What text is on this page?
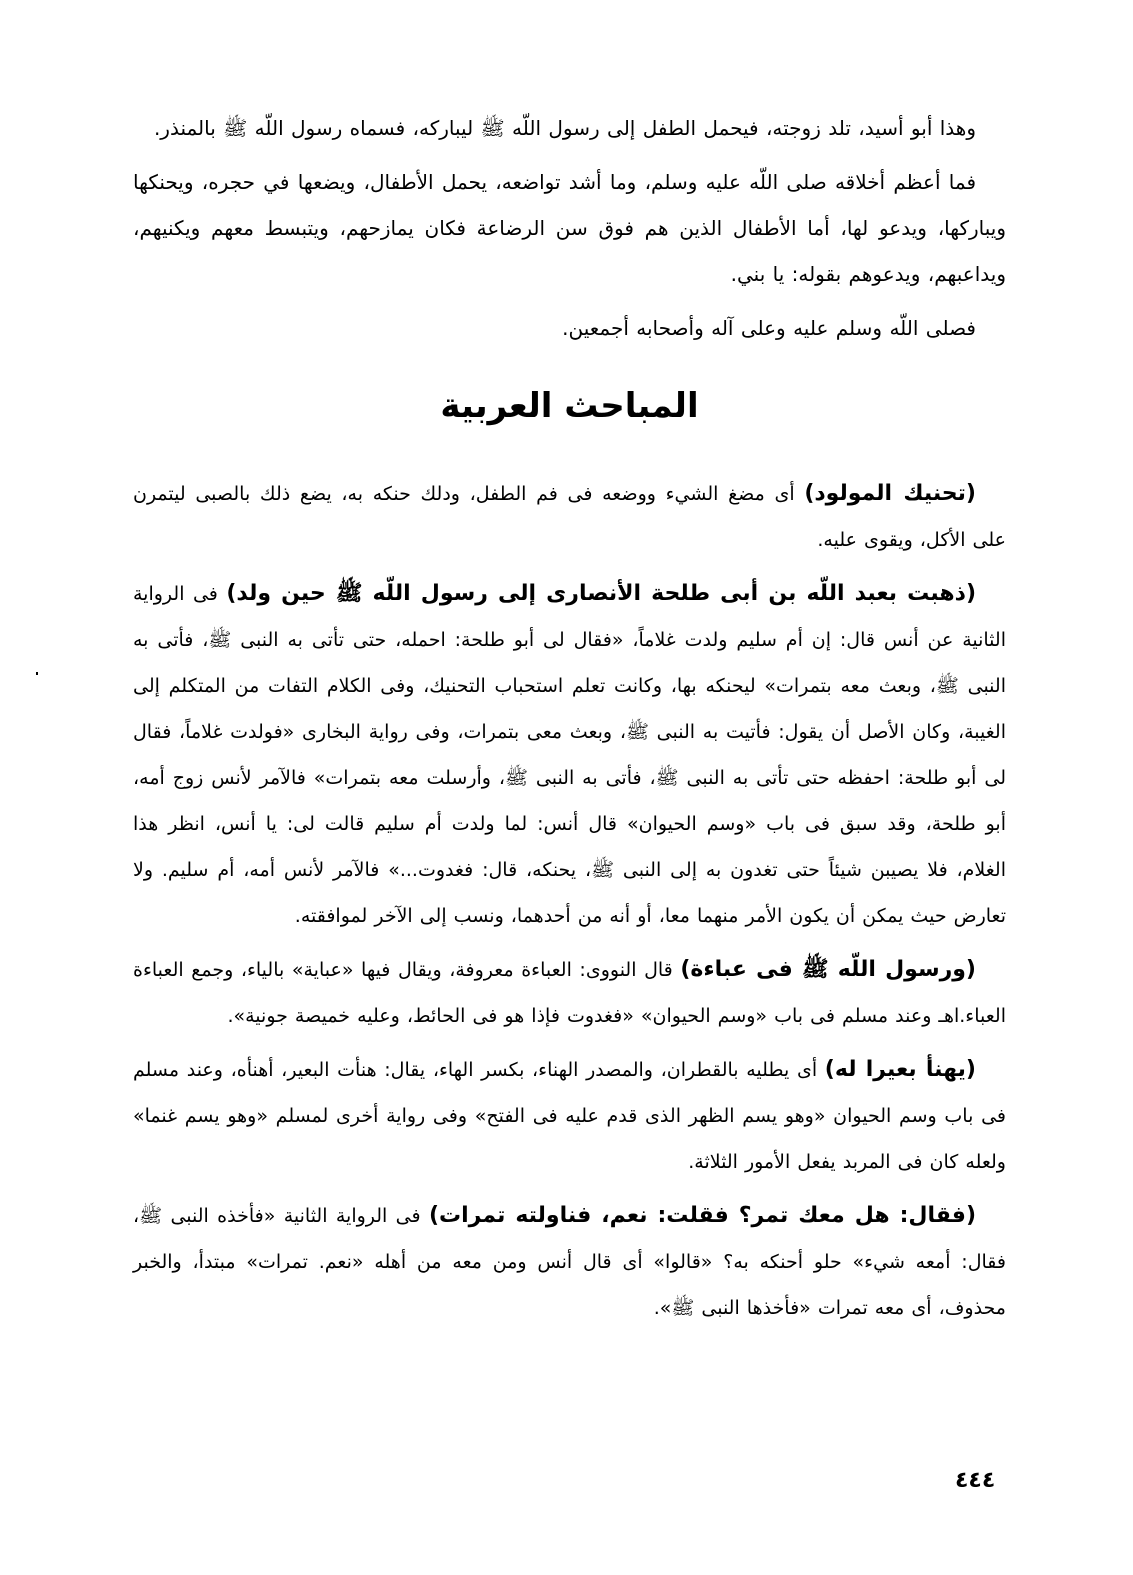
وهذا أبو أسيد، تلد زوجته، فيحمل الطفل إلى رسول اللّه ﷺ ليباركه، فسماه رسول اللّه ﷺ بالمنذر.

فما أعظم أخلاقه صلى اللّه عليه وسلم، وما أشد تواضعه، يحمل الأطفال، ويضعها في حجره، ويحنكها ويباركها، ويدعو لها، أما الأطفال الذين هم فوق سن الرضاعة فكان يمازحهم، ويتبسط معهم ويكنيهم، ويداعبهم، ويدعوهم بقوله: يا بني.

فصلى اللّه وسلم عليه وعلى آله وأصحابه أجمعين.

المباحث العربية

(تحنيك المولود) أى مضغ الشيء ووضعه فى فم الطفل، ودلك حنكه به، يضع ذلك بالصبى ليتمرن على الأكل، ويقوى عليه.

(ذهبت بعبد اللّه بن أبى طلحة الأنصارى إلى رسول اللّه ﷺ حين ولد) فى الرواية الثانية عن أنس قال: إن أم سليم ولدت غلاماً، «فقال لى أبو طلحة: احمله، حتى تأتى به النبى ﷺ، فأتى به النبى ﷺ، وبعث معه بتمرات» ليحنكه بها، وكانت تعلم استحباب التحنيك، وفى الكلام التفات من المتكلم إلى الغيبة، وكان الأصل أن يقول: فأتيت به النبى ﷺ، وبعث معى بتمرات، وفى رواية البخارى «فولدت غلاماً، فقال لى أبو طلحة: احفظه حتى تأتى به النبى ﷺ، فأتى به النبى ﷺ، وأرسلت معه بتمرات» فالآمر لأنس زوج أمه، أبو طلحة، وقد سبق فى باب «وسم الحيوان» قال أنس: لما ولدت أم سليم قالت لى: يا أنس، انظر هذا الغلام، فلا يصيبن شيئاً حتى تغدون به إلى النبى ﷺ، يحنكه، قال: فغدوت...» فالآمر لأنس أمه، أم سليم. ولا تعارض حيث يمكن أن يكون الأمر منهما معا، أو أنه من أحدهما، ونسب إلى الآخر لموافقته.

(ورسول اللّه ﷺ فى عباءة) قال النووى: العباءة معروفة، ويقال فيها «عباية» بالياء، وجمع العباءة العباء.اهـ وعند مسلم فى باب «وسم الحيوان» «فغدوت فإذا هو فى الحائط، وعليه خميصة جونية».

(يهنأ بعيرا له) أى يطليه بالقطران، والمصدر الهناء، بكسر الهاء، يقال: هنأت البعير، أهنأه، وعند مسلم فى باب وسم الحيوان «وهو يسم الظهر الذى قدم عليه فى الفتح» وفى رواية أخرى لمسلم «وهو يسم غنما» ولعله كان فى المربد يفعل الأمور الثلاثة.

(فقال: هل معك تمر؟ فقلت: نعم، فناولته تمرات) فى الرواية الثانية «فأخذه النبى ﷺ، فقال: أمعه شيء» حلو أحنكه به؟ «قالوا» أى قال أنس ومن معه من أهله «نعم. تمرات» مبتدأ، والخبر محذوف، أى معه تمرات «فأخذها النبى ﷺ».

٤٤٤
